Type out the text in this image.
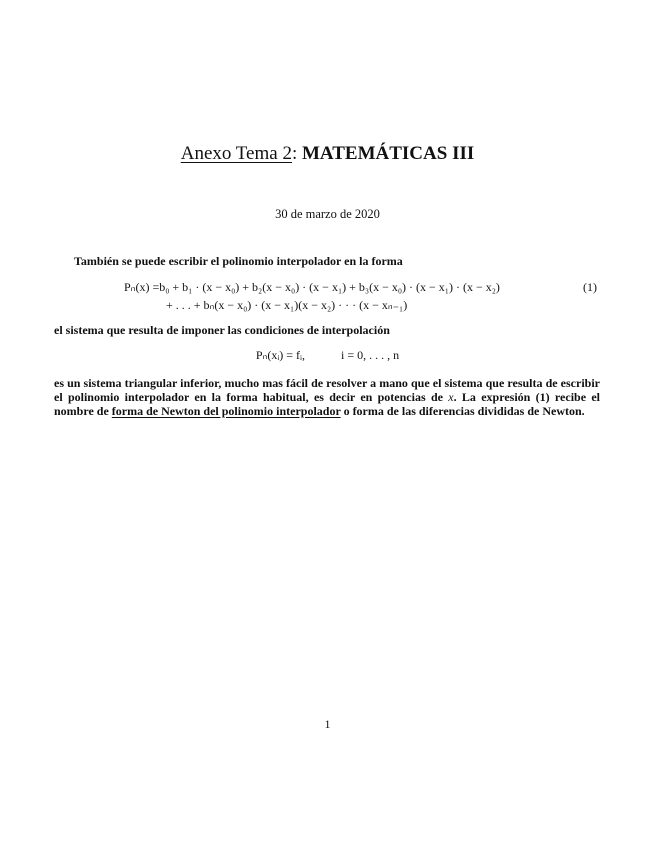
Anexo Tema 2: MATEMÁTICAS III
30 de marzo de 2020
También se puede escribir el polinomio interpolador en la forma
Pₙ(x) =b₀ + b₁ · (x − x₀) + b₂(x − x₀) · (x − x₁) + b₃(x − x₀) · (x − x₁) · (x − x₂)
+ . . . + bₙ(x − x₀) · (x − x₁)(x − x₂) · · · (x − xₙ₋₁)
(1)
el sistema que resulta de imponer las condiciones de interpolación
Pₙ(xᵢ) = fᵢ,	i = 0, . . . , n
es un sistema triangular inferior, mucho mas fácil de resolver a mano que el sistema que resulta de escribir el polinomio interpolador en la forma habitual, es decir en potencias de x. La expresión (1) recibe el nombre de forma de Newton del polinomio interpolador o forma de las diferencias divididas de Newton.
1
